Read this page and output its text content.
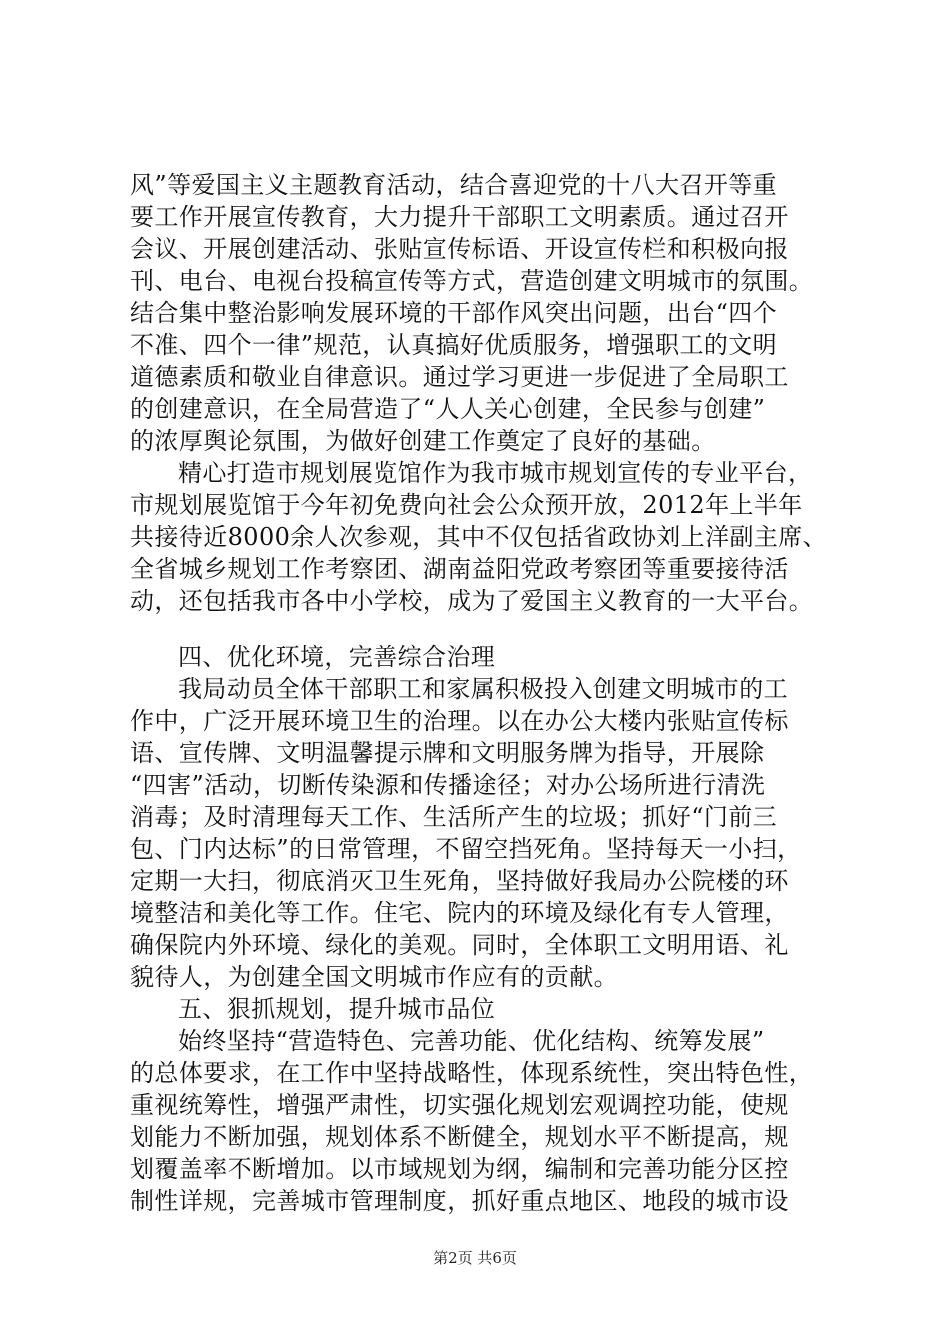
风”等爱国主义主题教育活动，结合喜迎党的十八大召开等重
要工作开展宣传教育，大力提升干部职工文明素质。通过召开
会议、开展创建活动、张贴宣传标语、开设宣传栏和积极向报
刊、电台、电视台投稿宣传等方式，营造创建文明城市的氛围。
结合集中整治影响发展环境的干部作风突出问题，出台“四个
不准、四个一律”规范，认真搞好优质服务，增强职工的文明
道德素质和敬业自律意识。通过学习更进一步促进了全局职工
的创建意识，在全局营造了“人人关心创建，全民参与创建”
的浓厚舆论氛围，为做好创建工作奠定了良好的基础。
精心打造市规划展览馆作为我市城市规划宣传的专业平台，
市规划展览馆于今年初免费向社会公众预开放，2012年上半年
共接待近8000余人次参观，其中不仅包括省政协刘上洋副主席、
全省城乡规划工作考察团、湖南益阳党政考察团等重要接待活
动，还包括我市各中小学校，成为了爱国主义教育的一大平台。
四、优化环境，完善综合治理
我局动员全体干部职工和家属积极投入创建文明城市的工
作中，广泛开展环境卫生的治理。以在办公大楼内张贴宣传标
语、宣传牌、文明温馨提示牌和文明服务牌为指导，开展除
“四害”活动，切断传染源和传播途径；对办公场所进行清洗
消毒；及时清理每天工作、生活所产生的垃圾；抓好“门前三
包、门内达标”的日常管理，不留空挡死角。坚持每天一小扫，
定期一大扫，彻底消灭卫生死角，坚持做好我局办公院楼的环
境整洁和美化等工作。住宅、院内的环境及绿化有专人管理，
确保院内外环境、绿化的美观。同时，全体职工文明用语、礼
貌待人，为创建全国文明城市作应有的贡献。
五、狠抓规划，提升城市品位
始终坚持“营造特色、完善功能、优化结构、统筹发展”
的总体要求，在工作中坚持战略性，体现系统性，突出特色性，
重视统筹性，增强严肃性，切实强化规划宏观调控功能，使规
划能力不断加强，规划体系不断健全，规划水平不断提高，规
划覆盖率不断增加。以市域规划为纲，编制和完善功能分区控
制性详规，完善城市管理制度，抓好重点地区、地段的城市设
第2页 共6页
